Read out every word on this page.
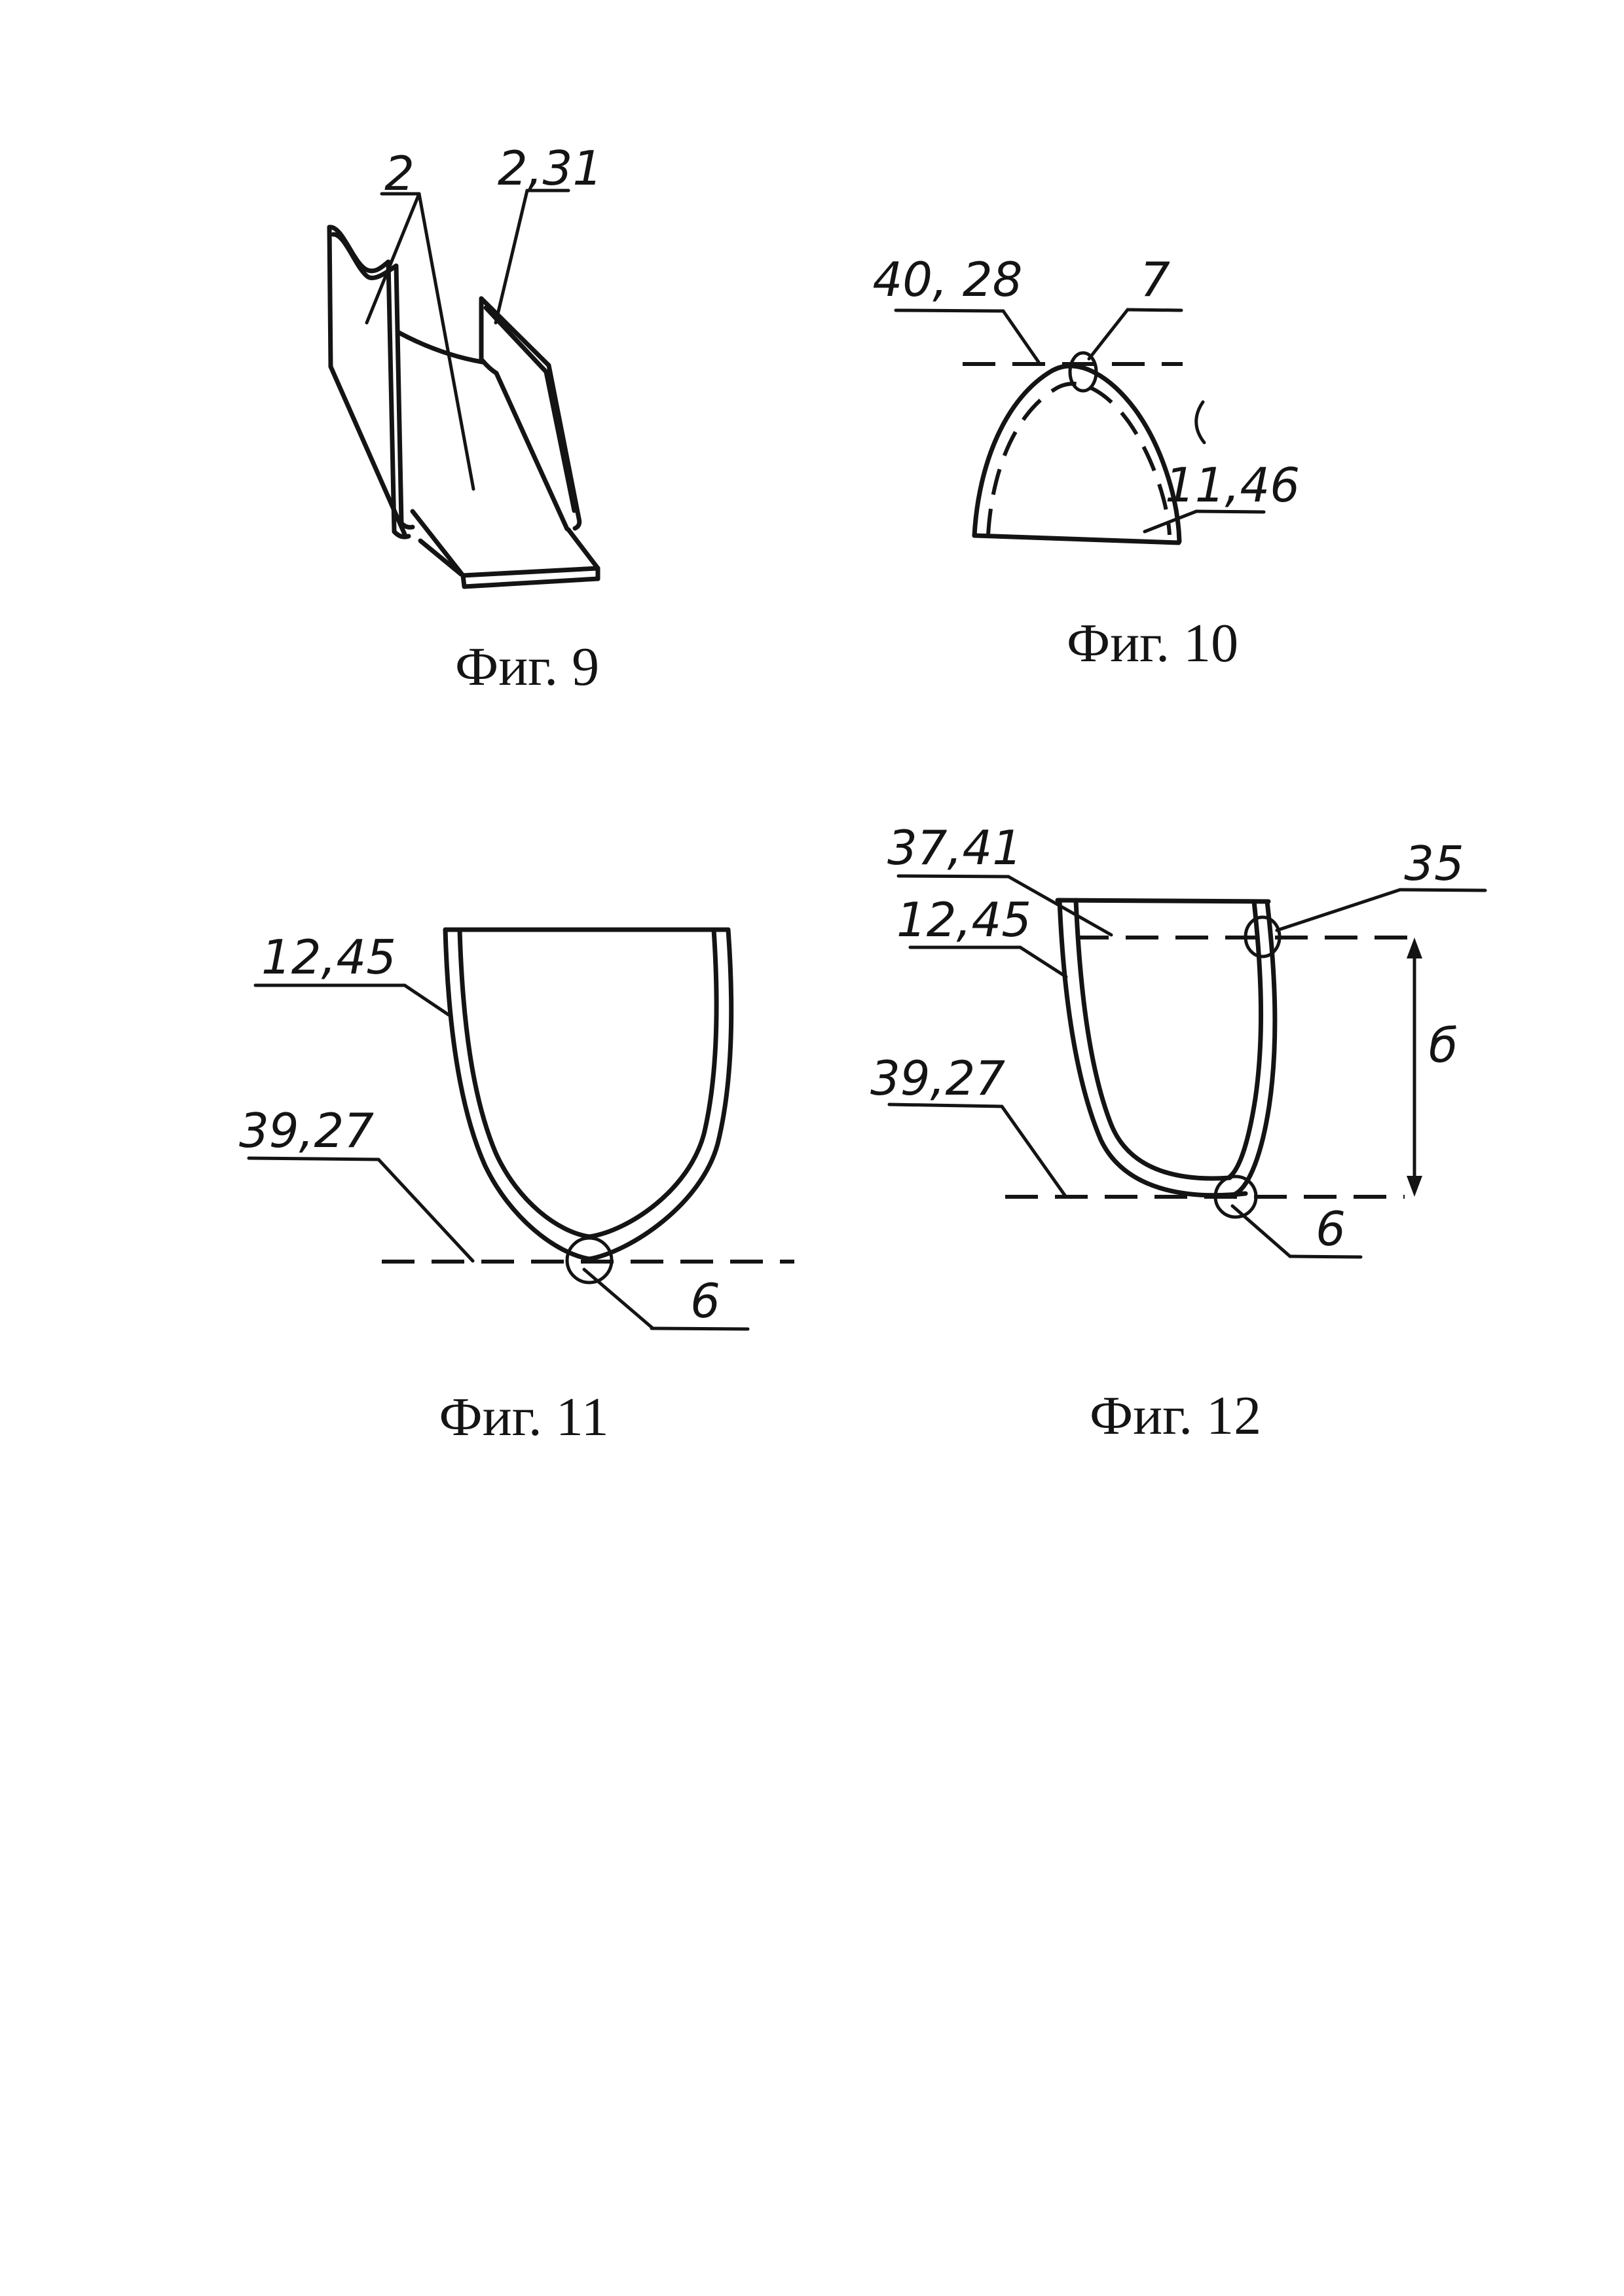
2 2,31
Фиг. 9
40, 28 7
11,46
Фиг. 10
12,45
39,27
6
Фиг. 11
37,41
12,45
35
39,27
6
б
Фиг. 12
